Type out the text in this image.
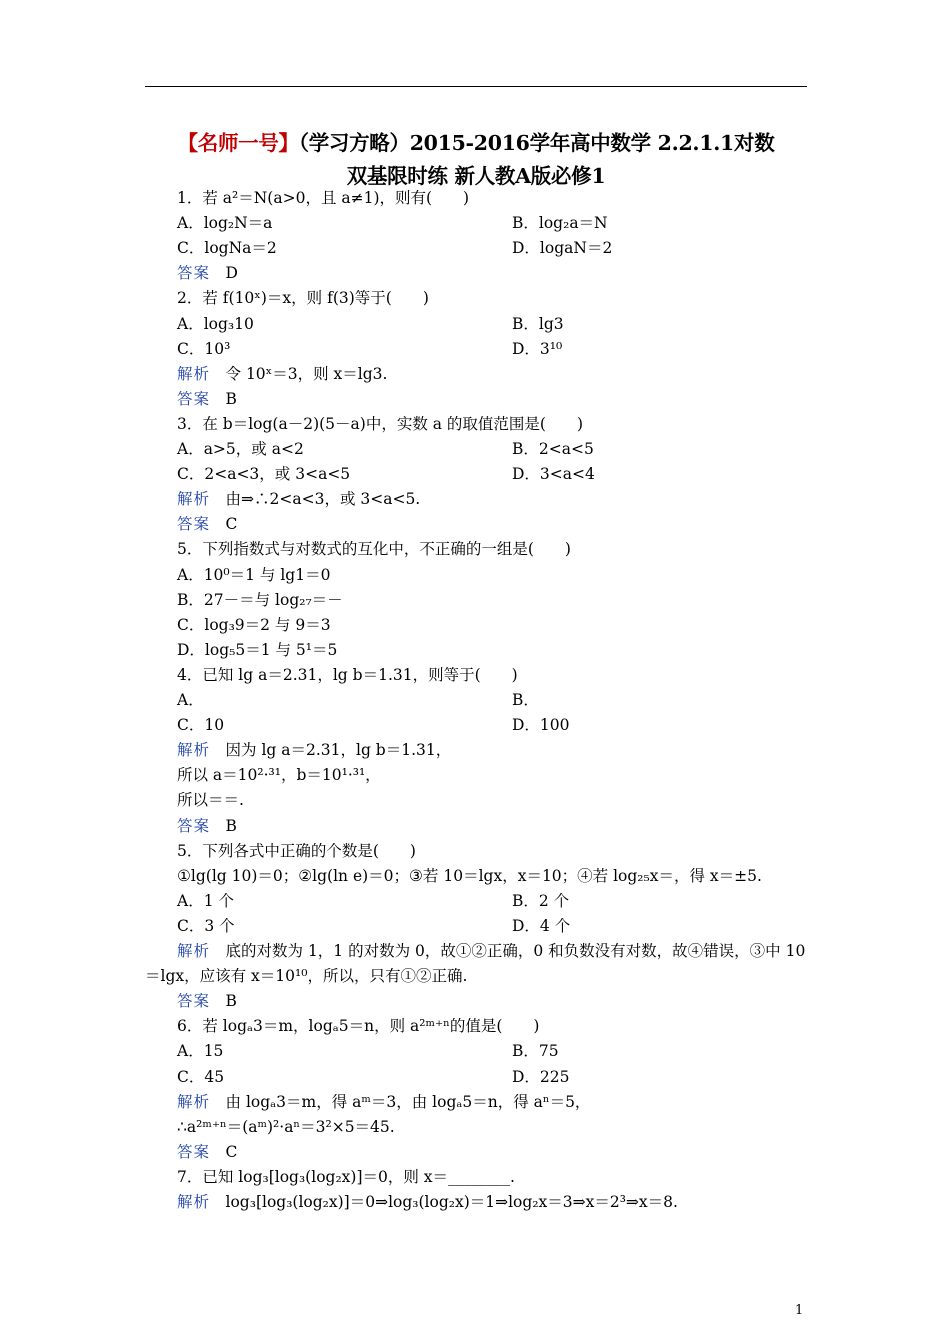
【名师一号】（学习方略）2015-2016学年高中数学 2.2.1.1对数
双基限时练 新人教A版必修1
1．若 a²＝N(a>0，且 a≠1)，则有(　　)
A．log₂N＝a	B．log₂a＝N
C．logNa＝2	D．logaN＝2
答案　D
2．若 f(10ˣ)＝x，则 f(3)等于(　　)
A．log₃10	B．lg3
C．10³	D．3¹⁰
解析　令 10ˣ＝3，则 x＝lg3.
答案　B
3．在 b＝log(a－2)(5－a)中，实数 a 的取值范围是(　　)
A．a>5，或 a<2	B．2<a<5
C．2<a<3，或 3<a<5	D．3<a<4
解析　由⇒∴2<a<3，或 3<a<5.
答案　C
5．下列指数式与对数式的互化中，不正确的一组是(　　)
A．10⁰＝1 与 lg1＝0
B．27－＝与 log₂₇＝－
C．log₃9＝2 与 9＝3
D．log₅5＝1 与 5¹＝5
4．已知 lg a＝2.31，lg b＝1.31，则等于(　　)
A．	B．
C．10	D．100
解析　因为 lg a＝2.31，lg b＝1.31，
所以 a＝10²·³¹，b＝10¹·³¹，
所以＝＝.
答案　B
5．下列各式中正确的个数是(　　)
①lg(lg 10)＝0；②lg(ln e)＝0；③若 10＝lgx，x＝10；④若 log₂₅x＝，得 x＝±5.
A．1 个	B．2 个
C．3 个	D．4 个
解析　底的对数为 1，1 的对数为 0，故①②正确，0 和负数没有对数，故④错误，③中 10
＝lgx，应该有 x＝10¹⁰，所以，只有①②正确.
答案　B
6．若 logₐ3＝m，logₐ5＝n，则 a²ᵐ⁺ⁿ的值是(　　)
A．15	B．75
C．45	D．225
解析　由 logₐ3＝m，得 aᵐ＝3，由 logₐ5＝n，得 aⁿ＝5，
∴a²ᵐ⁺ⁿ＝(aᵐ)²·aⁿ＝3²×5＝45.
答案　C
7．已知 log₃[log₃(log₂x)]＝0，则 x＝________.
解析　log₃[log₃(log₂x)]＝0⇒log₃(log₂x)＝1⇒log₂x＝3⇒x＝2³⇒x＝8.
1
